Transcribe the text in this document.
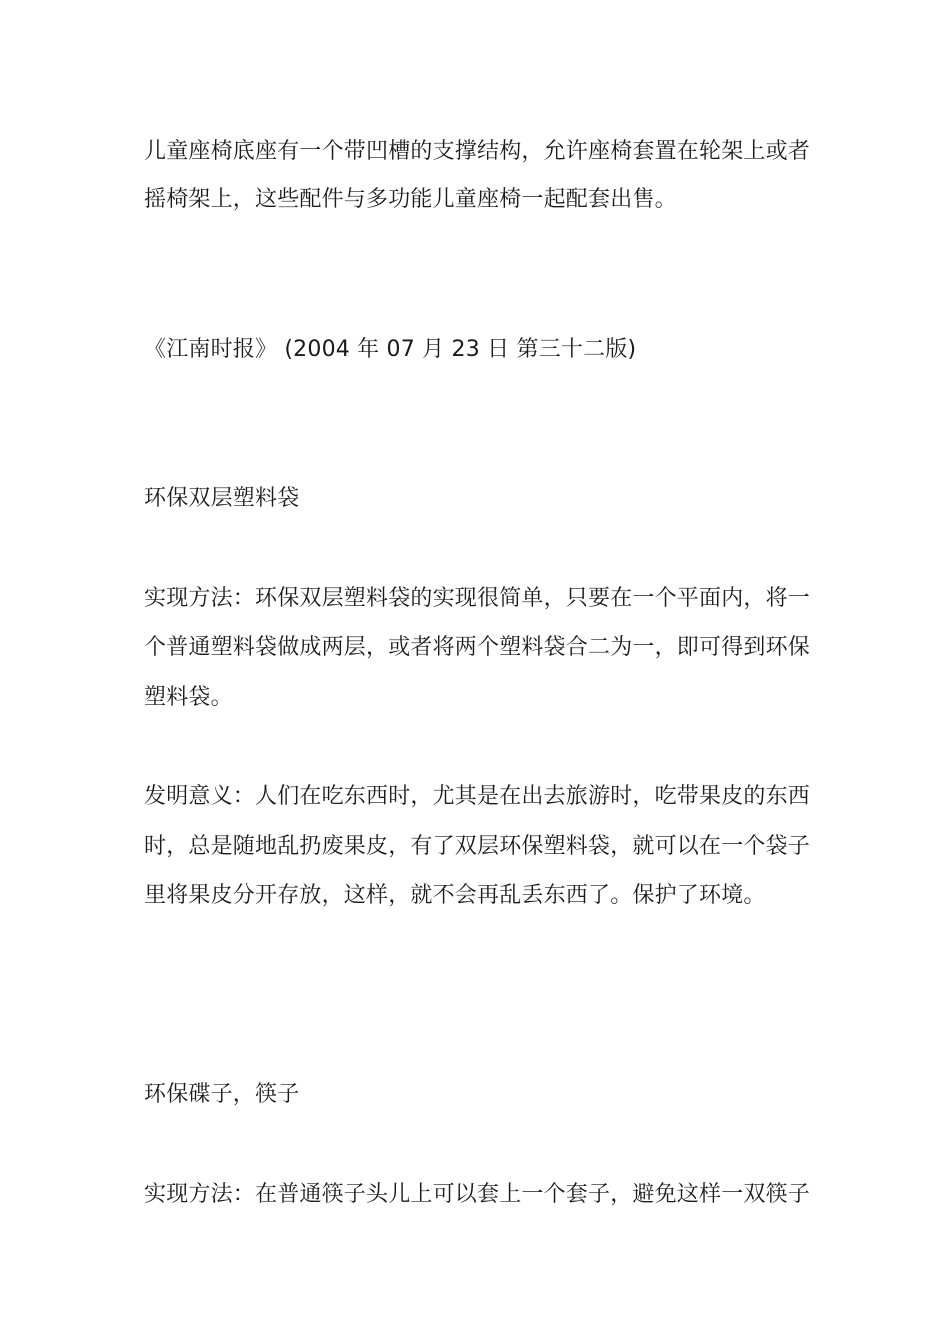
儿童座椅底座有一个带凹槽的支撑结构，允许座椅套置在轮架上或者
摇椅架上，这些配件与多功能儿童座椅一起配套出售。
《江南时报》 (2004 年 07 月 23 日 第三十二版)
环保双层塑料袋
实现方法：环保双层塑料袋的实现很简单，只要在一个平面内，将一
个普通塑料袋做成两层，或者将两个塑料袋合二为一，即可得到环保
塑料袋。
发明意义：人们在吃东西时，尤其是在出去旅游时，吃带果皮的东西
时，总是随地乱扔废果皮，有了双层环保塑料袋，就可以在一个袋子
里将果皮分开存放，这样，就不会再乱丢东西了。保护了环境。
环保碟子，筷子
实现方法：在普通筷子头儿上可以套上一个套子，避免这样一双筷子
